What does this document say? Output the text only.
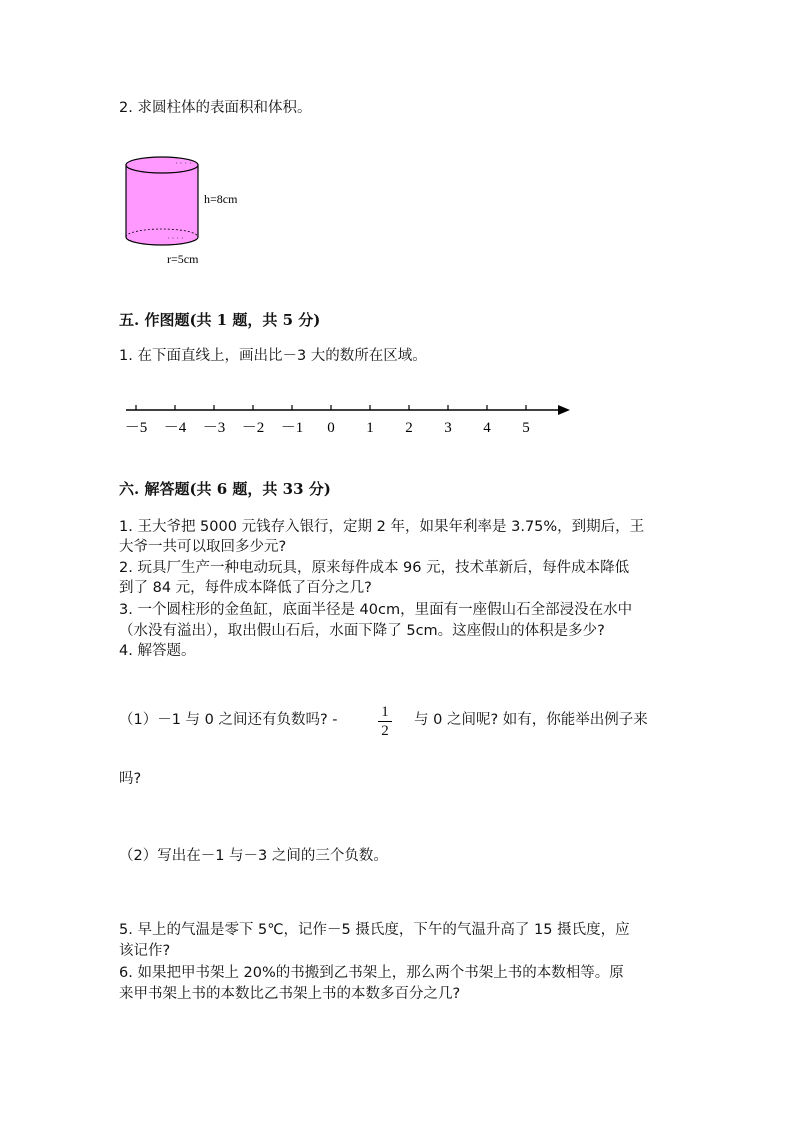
2. 求圆柱体的表面积和体积。
· · · ·
· · · ·
h=8cm
r=5cm
五. 作图题(共 1 题，共 5 分)
1. 在下面直线上，画出比－3 大的数所在区域。
－5 －4 －3 －2 －1 0 1 2 3 4 5
六. 解答题(共 6 题，共 33 分)
1. 王大爷把 5000 元钱存入银行，定期 2 年，如果年利率是 3.75%，到期后，王
大爷一共可以取回多少元?
2. 玩具厂生产一种电动玩具，原来每件成本 96 元，技术革新后，每件成本降低
到了 84 元，每件成本降低了百分之几?
3. 一个圆柱形的金鱼缸，底面半径是 40cm，里面有一座假山石全部浸没在水中
（水没有溢出），取出假山石后，水面下降了 5cm。这座假山的体积是多少?
4. 解答题。
（1）－1 与 0 之间还有负数吗? -	1
2
与 0 之间呢? 如有，你能举出例子来
吗?
（2）写出在－1 与－3 之间的三个负数。
5. 早上的气温是零下 5℃，记作－5 摄氏度，下午的气温升高了 15 摄氏度，应
该记作?
6. 如果把甲书架上 20%的书搬到乙书架上，那么两个书架上书的本数相等。原
来甲书架上书的本数比乙书架上书的本数多百分之几?
